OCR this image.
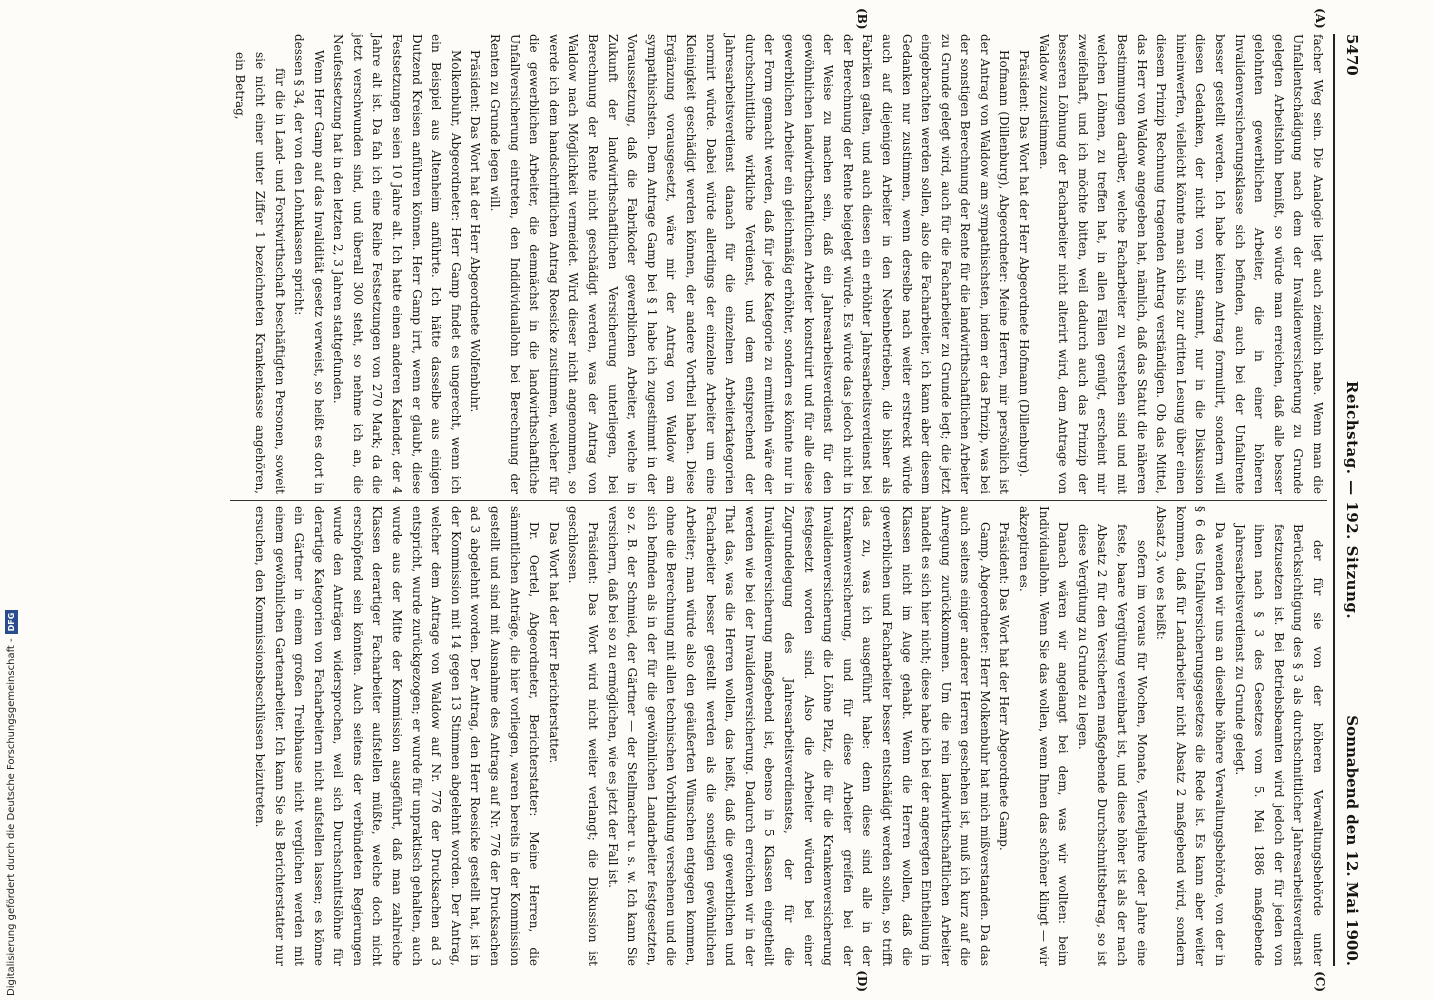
5470
Reichstag. — 192. Sitzung.
Sonnabend den 12. Mai 1900.
(A)
(B)
(C)
(D)

facher Weg sein. Die Analogie liegt auch ziemlich nahe. Wenn man die Unfallentschädigung nach dem der Invalidenversicherung zu Grunde gelegten Arbeitslohn bemißt, so würde man erreichen, daß alle besser gelohnten gewerblichen Arbeiter, die in einer höheren Invalidenversicherungsklasse sich befinden, auch bei der Unfallrente besser gestellt werden. Ich habe keinen Antrag formulirt, sondern will diesen Gedanken, der nicht von mir stammt, nur in die Diskussion hineinwerfen, vielleicht könnte man sich bis zur dritten Lesung über einen diesem Prinzip Rechnung tragenden Antrag verständigen. Ob das Mittel, das Herr von Waldow angegeben hat, nämlich, daß das Statut die näheren Bestimmungen darüber, welche Facharbeiter zu verstehen sind und mit welchen Löhnen, zu treffen hat, in allen Fällen genügt, erscheint mir zweifelhaft, und ich möchte bitten, weil dadurch auch das Prinzip der besseren Löhnung der Facharbeiter nicht alterirt wird, dem Antrage von Waldow zuzustimmen.

Präsident: Das Wort hat der Herr Abgeordnete Hofmann (Dillenburg).

Hofmann (Dillenburg), Abgeordneter: Meine Herren, mir persönlich ist der Antrag von Waldow am sympathischsten, indem er das Prinzip, was bei der sonstigen Berechnung der Rente für die landwirthschaftlichen Arbeiter zu Grunde gelegt wird, auch für die Facharbeiter zu Grunde legt; die jetzt eingebrachten werden sollen, also die Facharbeiter, ich kann aber diesem Gedanken nur zustimmen, wenn derselbe nach weiter erstreckt würde auch auf diejenigen Arbeiter in den Nebenbetrieben, die bisher als Fabriken galten, und auch diesen ein erhöhter Jahresarbeitsverdienst bei der Berechnung der Rente beigelegt würde. Es würde das jedoch nicht in der Weise zu machen sein, daß ein Jahresarbeitsverdienst für den gewöhnlichen landwirthschaftlichen Arbeiter konstruirt und für alle diese gewerblichen Arbeiter ein gleichmäßig erhöhter, sondern es könnte nur in der Form gemacht werden, daß für jede Kategorie zu ermitteln wäre der durchschnittliche wirkliche Verdienst, und dem entsprechend der Jahresarbeitsverdienst danach für die einzelnen Arbeiterkategorien normirt würde. Dabei würde allerdings der einzelne Arbeiter um eine Kleinigkeit geschädigt werden können, der andere Vortheil haben. Diese Ergänzung vorausgesetzt, wäre mir der Antrag von Waldow am sympathischsten. Dem Antrage Gamp bei § 1 habe ich zugestimmt in der Voraussetzung, daß die Fabrikoder gewerblichen Arbeiter, welche in Zukunft der landwirthschaftlichen Versicherung unterliegen, bei Berechnung der Rente nicht geschädigt werden, was der Antrag von Waldow nach Möglichkeit vermeidet. Wird dieser nicht angenommen, so werde ich dem handschriftlichen Antrag Roesicke zustimmen, welcher für die gewerblichen Arbeiter, die demnächst in die landwirthschaftliche Unfallversicherung eintreten, den Indidividuallohn bei Berechnung der Renten zu Grunde legen will.

Präsident: Das Wort hat der Herr Abgeordnete Wolfenbuhr.

Molkenbuhr, Abgeordneter: Herr Gamp findet es ungerecht, wenn ich ein Beispiel aus Altenheim anführte. Ich hätte dasselbe aus einigen Dutzend Kreisen anführen können. Herr Gamp irrt, wenn er glaubt, diese Festsetzungen seien 10 Jahre alt. Ich hatte einen anderen Kalender, der 4 Jahre alt ist. Da fah ich eine Reihe Festsetzungen von 270 Mark; da die jetzt verschwunden sind, und überall 300 steht, so nehme ich an, die Neufestsetzung hat in den letzten 2, 3 Jahren stattgefunden.

Wenn Herr Gamp auf das Invalidität gesetz verweist, so heißt es dort in dessen § 34, der von den Lohnklassen spricht:

für die in Land- und Forstwirthschaft beschäftigten Personen, soweit sie nicht einer unter Ziffer 1 bezeichneten Krankenkasse angehören, ein Betrag,

der für sie von der höheren Verwaltungsbehörde unter Berücksichtigung des § 3 als durchschnittlicher Jahresarbeitsverdienst festzusetzen ist. Bei Betriebsbeamten wird jedoch der für jeden von ihnen nach § 3 des Gesetzes vom 5. Mai 1886 maßgebende Jahresarbeitsverdienst zu Grunde gelegt.

Da wenden wir uns an dieselbe höhere Verwaltungsbehörde, von der in § 6 des Unfallversicherungsgesetzes die Rede ist. Es kann aber weiter kommen, daß für Landarbeiter nicht Absatz 2 maßgebend wird, sondern Absatz 3, wo es heißt:

sofern im voraus für Wochen, Monate, Vierteljahre oder Jahre eine feste, baare Vergütung vereinbart ist, und diese höher ist als der nach Absatz 2 für den Versicherten maßgebende Durchschnittsbetrag, so ist diese Vergütung zu Grunde zu legen.

Danach wären wir angelangt bei dem, was wir wollten: beim Individuallohn. Wenn Sie das wollen, wenn Ihnen das schöner klingt — wir akzeptiren es.

Präsident: Das Wort hat der Herr Abgeordnete Gamp.

Gamp, Abgeordneter: Herr Molkenbuhr hat mich mißverstanden. Da das auch seitens einiger anderer Herren geschehen ist, muß ich kurz auf die Anregung zurückkommen. Um die rein landwirthschaftlichen Arbeiter handelt es sich hier nicht; diese habe ich bei der angeregten Eintheilung in Klassen nicht im Auge gehabt. Wenn die Herren wollen, daß die gewerblichen und Facharbeiter besser entschädigt werden sollen, so trifft das zu, was ich ausgeführt habe: denn diese sind alle in der Krankenversicherung, und für diese Arbeiter greifen bei der Invalidenversicherung die Löhne Platz, die für die Krankenversicherung festgesetzt worden sind. Also die Arbeiter würden bei einer Zugrundelegung des Jahresarbeitsverdienstes, der für die Invalidenversicherung maßgebend ist, ebenso in 5 Klassen eingetheilt werden wie bei der Invalidenversicherung. Dadurch erreichen wir in der That das, was die Herren wollen, das heißt, daß die gewerblichen und Facharbeiter besser gestellt werden als die sonstigen gewöhnlichen Arbeiter; man würde also den geäußerten Wünschen entgegen kommen, ohne die Berechnung mit allen technischen Vorbildung versehenen und die sich befinden als in der für die gewöhnlichen Landarbeiter festgesetzten, so z. B. der Schmied, der Gärtner — der Stellmacher u. s. w. Ich kann Sie versichern, daß bei so zu ermöglichen, wie es jetzt der Fall ist.

Präsident: Das Wort wird nicht weiter verlangt; die Diskussion ist geschlossen.

Das Wort hat der Herr Berichterstatter.

Dr. Oertel, Abgeordneter, Berichterstatter: Meine Herren, die sämmtlichen Anträge, die hier vorliegen, waren bereits in der Kommission gestellt und sind mit Ausnahme des Antrags auf Nr. 776 der Drucksachen ad 3 abgelehnt worden. Der Antrag, den Herr Roesicke gestellt hat, ist in der Kommission mit 14 gegen 13 Stimmen abgelehnt worden. Der Antrag, welcher dem Antrage von Waldow auf Nr. 776 der Drucksachen ad 3 entspricht, wurde zurückgezogen; er wurde für unpraktisch gehalten, auch wurde aus der Mitte der Kommission ausgeführt, daß man zahlreiche Klassen derartiger Facharbeiter aufstellen müßte, welche doch nicht erschöpfend sein könnten. Auch seitens der verbündeten Regierungen wurde den Anträgen widersprochen, weil sich Durchschnittslöhne für derartige Kategorien von Facharbeitern nicht aufstellen lassen; es könne ein Gärtner in einem großen Treibhause nicht verglichen werden mit einem gewöhnlichen Gartenarbeiter. Ich kann Sie als Berichterstatter nur ersuchen, den Kommissionsbeschlüssen beizutreten.

Digitalisierung gefördert durch die Deutsche Forschungsgemeinschaft -
DFG
